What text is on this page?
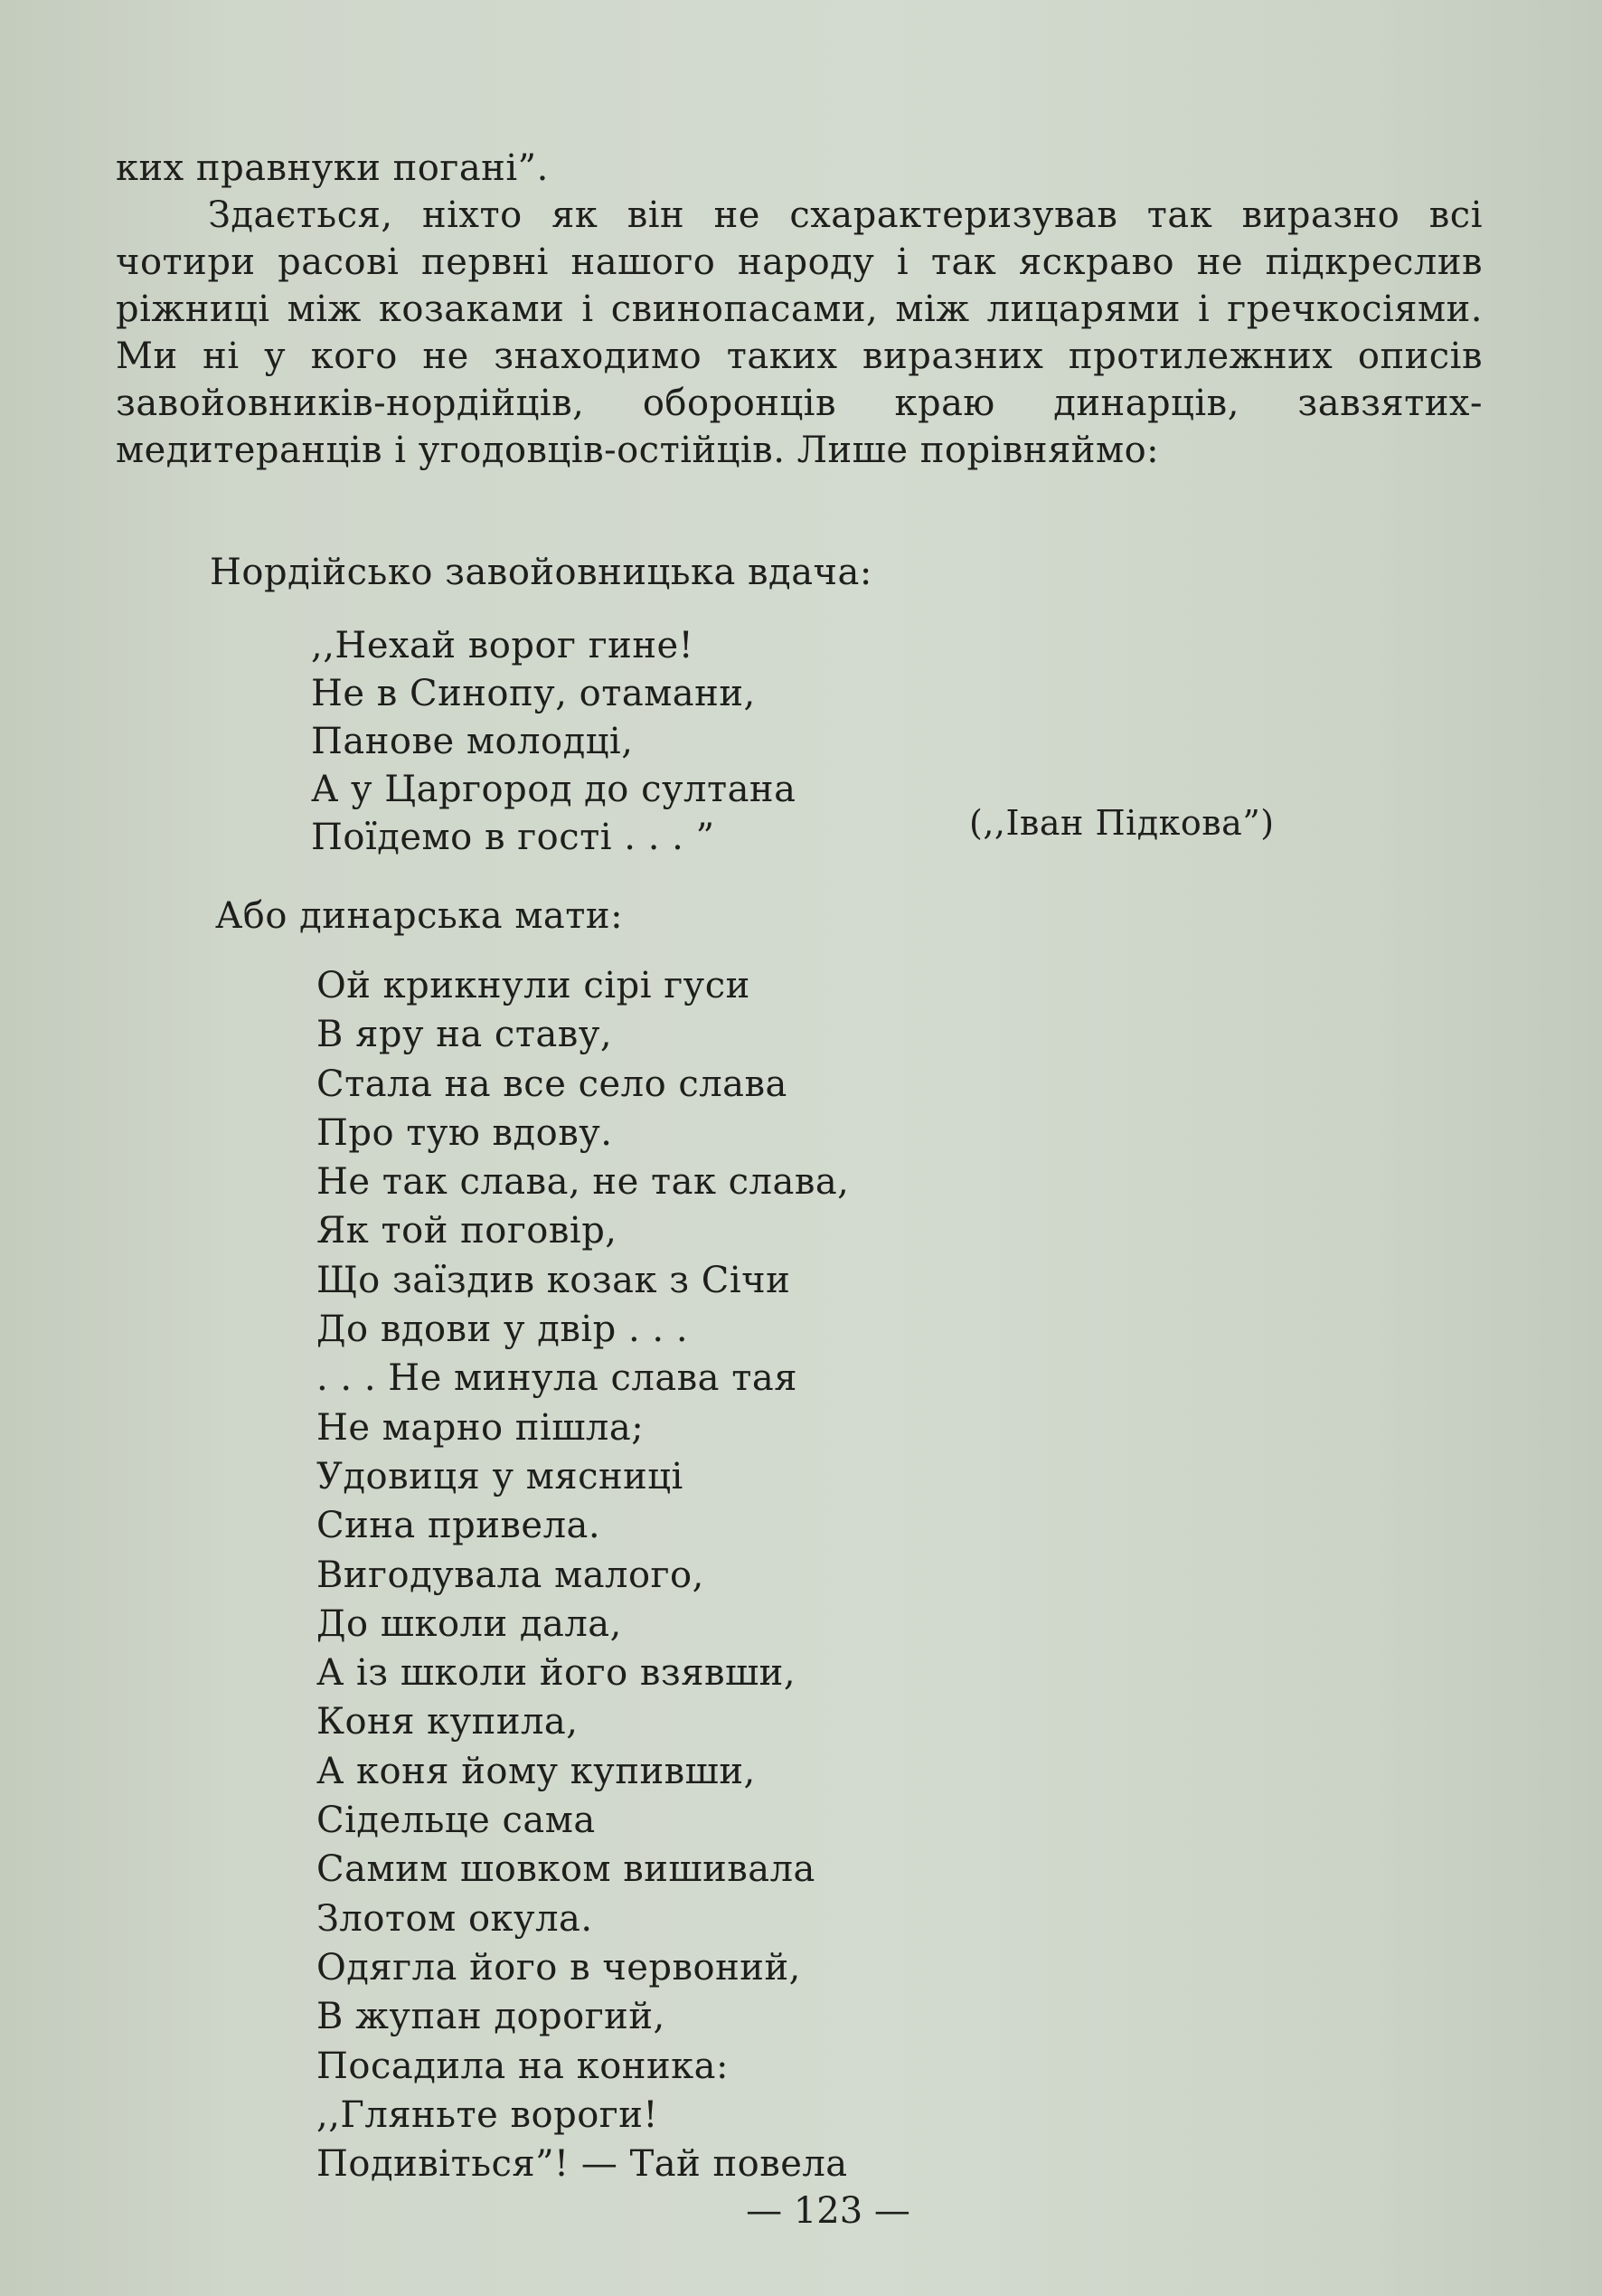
ких правнуки погані”.

Здається, ніхто як він не схарактеризував так виразно всі чотири расові первні нашого народу і так яскраво не підкреслив ріжниці між козаками і свинопасами, між лицарями і гречкосіями. Ми ні у кого не знаходимо таких виразних протилежних описів завойовників-нордійців, оборонців краю динарців, завзятих-медитеранців і угодовців-остійців. Лише порівняймо:

Нордійсько завойовницька вдача:

,,Нехай ворог гине!
Не в Синопу, отамани,
Панове молодці,
А у Царгород до султана
Поїдемо в гості . . . ”	(,,Іван Підкова”)

Або динарська мати:

Ой крикнули сірі гуси
В яру на ставу,
Стала на все село слава
Про тую вдову.
Не так слава, не так слава,
Як той поговір,
Що заїздив козак з Січи
До вдови у двір . . .
. . . Не минула слава тая
Не марно пішла;
Удовиця у мясниці
Сина привела.
Вигодувала малого,
До школи дала,
А із школи його взявши,
Коня купила,
А коня йому купивши,
Сідельце сама
Самим шовком вишивала
Злотом окула.
Одягла його в червоний,
В жупан дорогий,
Посадила на коника:
,,Гляньте вороги!
Подивіться”! — Тай повела
— 123 —
